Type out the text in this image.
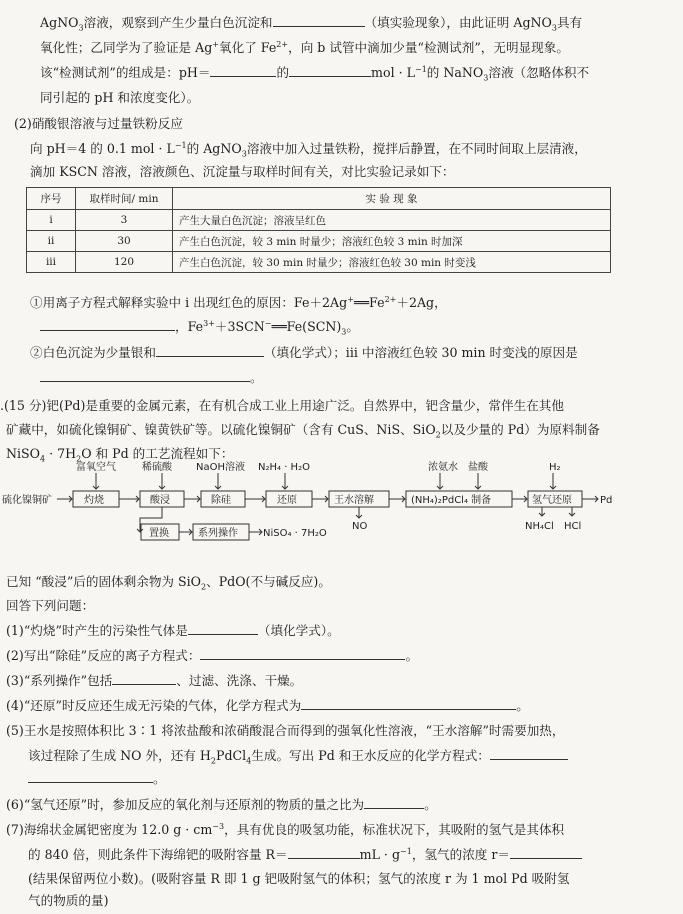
AgNO$_3$溶液，观察到产生少量白色沉淀和	（填实验现象），由此证明 AgNO$_3$具有
氧化性；乙同学为了验证是 Ag+氧化了 $Fe^{2+}$，向 b 试管中滴加少量“检测试剂”，无明显现象。
该“检测试剂”的组成是：pH＝	的	mol · $L^{-1}$的 NaNO$_3$溶液（忽略体积不
同引起的 pH 和浓度变化）。
(2)硝酸银溶液与过量铁粉反应
向 pH＝4 的 0.1 mol · $L^{-1}$的 AgNO$_3$溶液中加入过量铁粉，搅拌后静置，在不同时间取上层清液，
滴加 KSCN 溶液，溶液颜色、沉淀量与取样时间有关，对比实验记录如下：
序号	取样时间/ min	实 验 现 象
i	3	产生大量白色沉淀；溶液呈红色
ii	30	产生白色沉淀，较 3 min 时量少；溶液红色较 3 min 时加深
iii	120	产生白色沉淀，较 30 min 时量少；溶液红色较 30 min 时变浅
①用离子方程式解释实验中 i 出现红色的原因：$Fe+2Ag^+══Fe^{2+}+2Ag$，
，$Fe^{3+}+3SCN^-══Fe(SCN)_3$。
②白色沉淀为少量银和	（填化学式）；iii 中溶液红色较 30 min 时变浅的原因是
。
.(15 分)钯(Pd)是重要的金属元素，在有机合成工业上用途广泛。自然界中，钯含量少，常伴生在其他
矿藏中，如硫化镍铜矿、镍黄铁矿等。以硫化镍铜矿（含有 CuS、NiS、SiO$_2$以及少量的 Pd）为原料制备
NiSO$_4$ · $7H_2O$ 和 Pd 的工艺流程如下：
富氧空气	稀硫酸 NaOH溶液 N₂H₄ · H₂O	浓氨水 盐酸	H₂
硫化镍铜矿	灼烧	酸浸	除硅	还原	王水溶解	(NH₄)₂PdCl₄ 制备	氢气还原	Pd
置换	系列操作	NiSO₄ · 7H₂O
NO	NH₄Cl HCl
已知 “酸浸”后的固体剩余物为 SiO$_2$、PdO(不与碱反应)。
回答下列问题：
(1)“灼烧”时产生的污染性气体是	（填化学式）。
(2)写出“除硅”反应的离子方程式：	。
(3)“系列操作”包括	、过滤、洗涤、干燥。
(4)“还原”时反应还生成无污染的气体，化学方程式为	。
(5)王水是按照体积比 3∶1 将浓盐酸和浓硝酸混合而得到的强氧化性溶液，“王水溶解”时需要加热，
该过程除了生成 NO 外，还有 $H_2PdCl_4$生成。写出 Pd 和王水反应的化学方程式：
。
(6)“氢气还原”时，参加反应的氧化剂与还原剂的物质的量之比为	。
(7)海绵状金属钯密度为 12.0 $g \cdot cm^{-3}$，具有优良的吸氢功能，标准状况下，其吸附的氢气是其体积
的 840 倍，则此条件下海绵钯的吸附容量 R＝	mL · $g^{-1}$，氢气的浓度 r＝
(结果保留两位小数)。(吸附容量 R 即 1 g 钯吸附氢气的体积；氢气的浓度 r 为 1 mol Pd 吸附氢
气的物质的量)
